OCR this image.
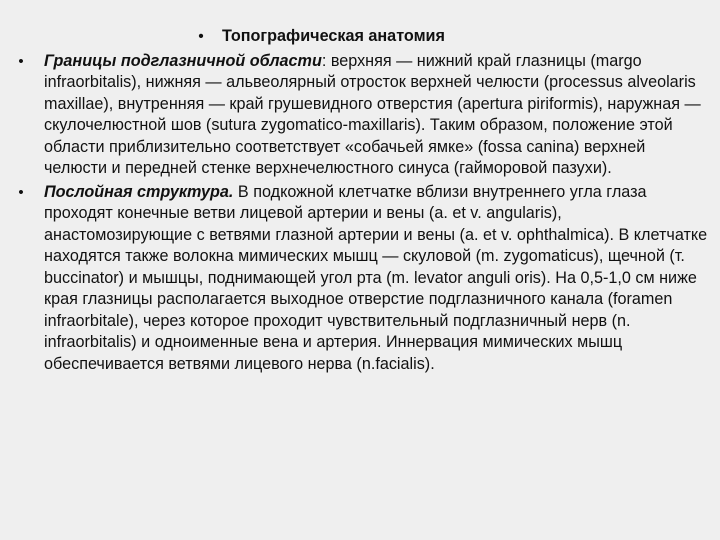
• Топографическая анатомия
• Границы подглазничной области: верхняя — нижний край глазницы (margo infraorbitalis), нижняя — альвеолярный отросток верхней челюсти (processus alveolaris maxillae), внутренняя — край грушевидного отверстия (apertura piriformis), наружная — скулочелюстной шов (sutura zygomatico-maxillaris). Таким образом, положение этой области приблизительно соответствует «собачьей ямке» (fossa canina) верхней челюсти и передней стенке верхнечелюстного синуса (гайморовой пазухи).
• Послойная структура. В подкожной клетчатке вблизи внутреннего угла глаза проходят конечные ветви лицевой артерии и вены (a. et v. angularis), анастомозирующие с ветвями глазной артерии и вены (a. et v. ophthalmica). В клетчатке находятся также волокна мимических мышц — скуловой (m. zygomaticus), щечной (т. buccinator) и мышцы, поднимающей угол рта (m. levator anguli oris). На 0,5-1,0 см ниже края глазницы располагается выходное отверстие подглазничного канала (foramen infraorbitale), через которое проходит чувствительный подглазничный нерв (n. infraorbitalis) и одноименные вена и артерия. Иннервация мимических мышц обеспечивается ветвями лицевого нерва (n.facialis).
